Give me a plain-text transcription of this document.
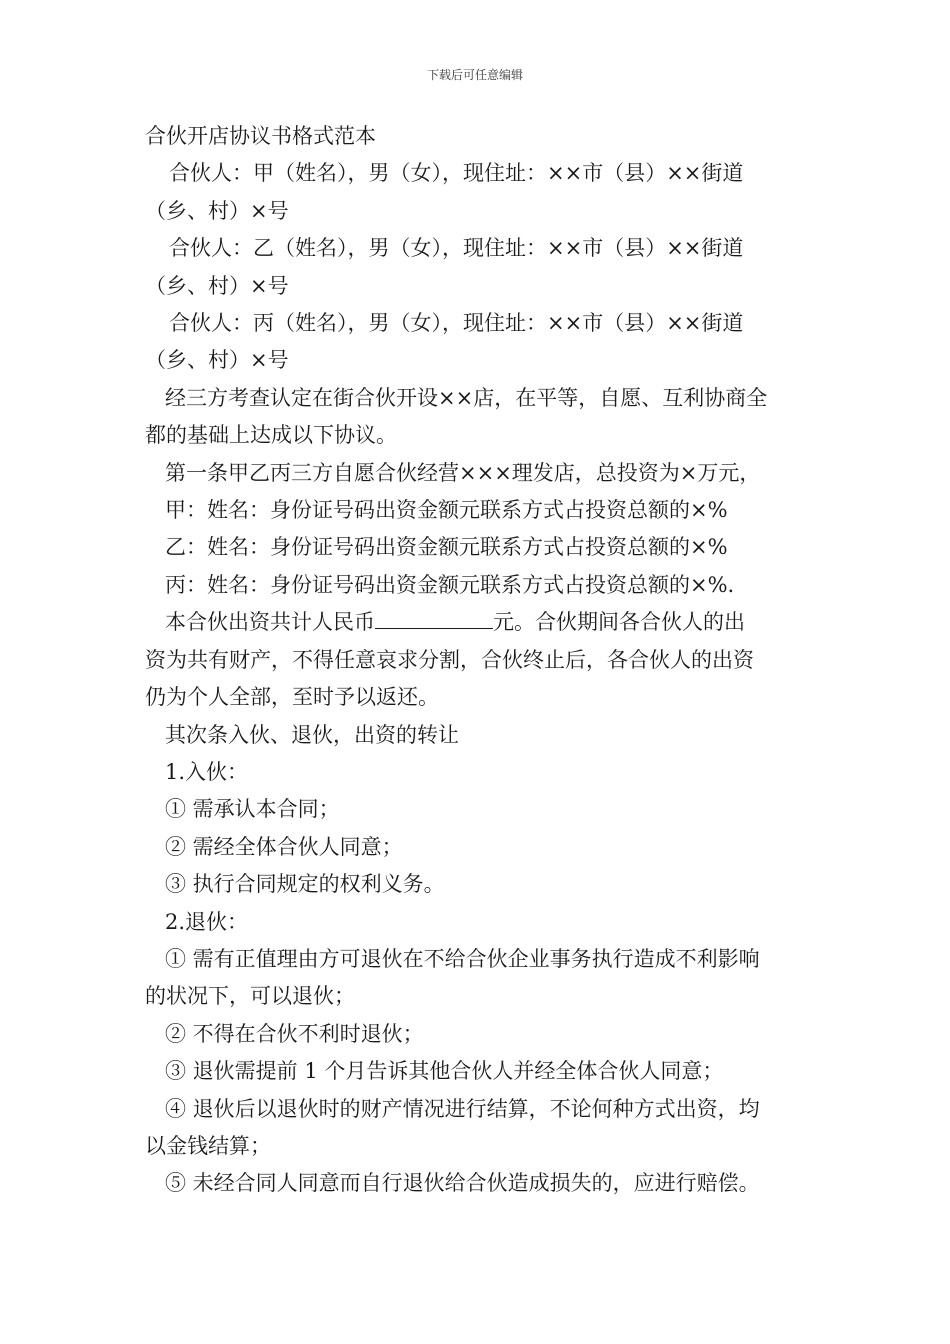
下载后可任意编辑

合伙开店协议书格式范本

合伙人：甲（姓名），男（女），现住址：××市（县）××街道

（乡、村）×号

合伙人：乙（姓名），男（女），现住址：××市（县）××街道

（乡、村）×号

合伙人：丙（姓名），男（女），现住址：××市（县）××街道

（乡、村）×号

经三方考查认定在街合伙开设××店，在平等，自愿、互利协商全

都的基础上达成以下协议。

第一条甲乙丙三方自愿合伙经营×××理发店，总投资为×万元，

甲：姓名：身份证号码出资金额元联系方式占投资总额的×%

乙：姓名：身份证号码出资金额元联系方式占投资总额的×%

丙：姓名：身份证号码出资金额元联系方式占投资总额的×%.

本合伙出资共计人民币	元。合伙期间各合伙人的出

资为共有财产，不得任意哀求分割，合伙终止后，各合伙人的出资

仍为个人全部，至时予以返还。

其次条入伙、退伙，出资的转让

1.入伙：

① 需承认本合同；

② 需经全体合伙人同意；

③ 执行合同规定的权利义务。

2.退伙：

① 需有正值理由方可退伙在不给合伙企业事务执行造成不利影响

的状况下，可以退伙；

② 不得在合伙不利时退伙；

③ 退伙需提前 1 个月告诉其他合伙人并经全体合伙人同意；

④ 退伙后以退伙时的财产情况进行结算，不论何种方式出资，均

以金钱结算；

⑤ 未经合同人同意而自行退伙给合伙造成损失的，应进行赔偿。
